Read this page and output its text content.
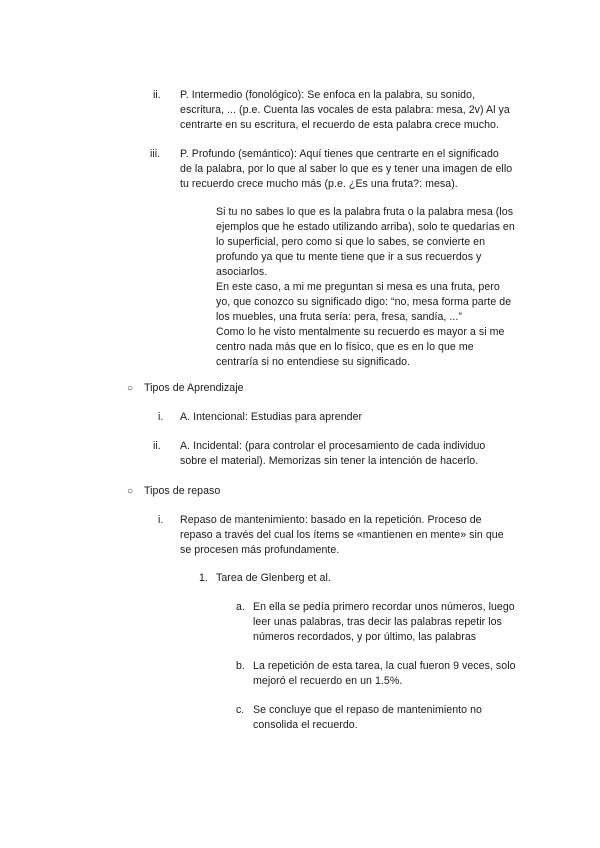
ii. P. Intermedio (fonológico): Se enfoca en la palabra, su sonido,
escritura, ... (p.e. Cuenta las vocales de esta palabra: mesa, 2v) Al ya
centrarte en su escritura, el recuerdo de esta palabra crece mucho.
iii. P. Profundo (semántico): Aquí tienes que centrarte en el significado
de la palabra, por lo que al saber lo que es y tener una imagen de ello
tu recuerdo crece mucho más (p.e. ¿Es una fruta?: mesa).
Si tu no sabes lo que es la palabra fruta o la palabra mesa (los
ejemplos que he estado utilizando arriba), solo te quedarías en
lo superficial, pero como si que lo sabes, se convierte en
profundo ya que tu mente tiene que ir a sus recuerdos y
asociarlos.
En este caso, a mi me preguntan si mesa es una fruta, pero
yo, que conozco su significado digo: “no, mesa forma parte de
los muebles, una fruta sería: pera, fresa, sandía, ...”
Como lo he visto mentalmente su recuerdo es mayor a si me
centro nada más que en lo físico, que es en lo que me
centraría si no entendiese su significado.
○ Tipos de Aprendizaje
i. A. Intencional: Estudias para aprender
ii. A. Incidental: (para controlar el procesamiento de cada individuo
sobre el material). Memorizas sin tener la intención de hacerlo.
○ Tipos de repaso
i. Repaso de mantenimiento: basado en la repetición. Proceso de
repaso a través del cual los ítems se «mantienen en mente» sin que
se procesen más profundamente.
1. Tarea de Glenberg et al.
a. En ella se pedía primero recordar unos números, luego
leer unas palabras, tras decir las palabras repetir los
números recordados, y por último, las palabras
b. La repetición de esta tarea, la cual fueron 9 veces, solo
mejoró el recuerdo en un 1.5%.
c. Se concluye que el repaso de mantenimiento no
consolida el recuerdo.
